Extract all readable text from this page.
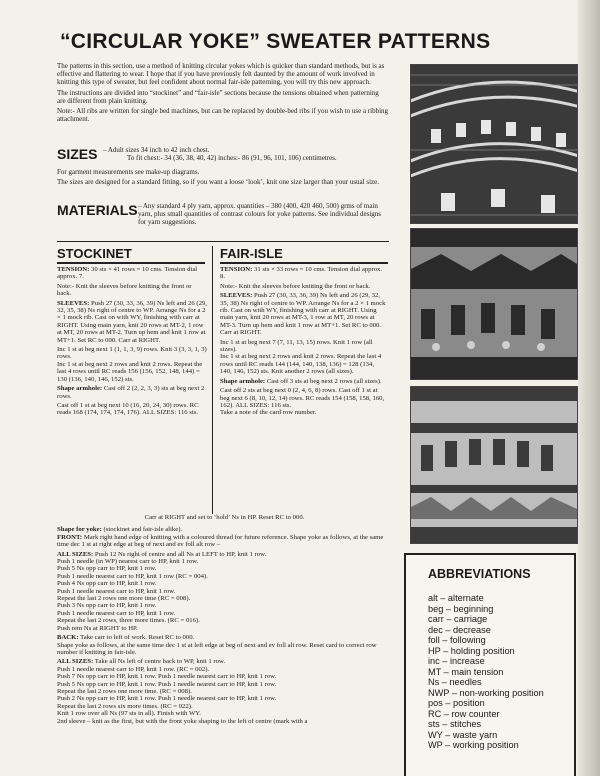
“CIRCULAR YOKE” SWEATER PATTERNS
The patterns in this section, use a method of knitting circular yokes which is quicker than standard methods, but is as effective and flattering to wear. I hope that if you have previously felt daunted by the amount of work involved in knitting this type of sweater, but feel confident about normal fair-isle patterning, you will try this new approach.
The instructions are divided into “stockinet” and “fair-isle” sections because the tensions obtained when patterning are different from plain knitting.
Note:- All ribs are written for single bed machines, but can be replaced by double-bed ribs if you wish to use a ribbing attachment.
SIZES – Adult sizes 34 inch to 42 inch chest.
To fit chest:- 34 (36, 38, 40, 42) inches:- 86 (91, 96, 101, 106) centimetres.
For garment measurements see make-up diagrams.
The sizes are designed for a standard fitting, so if you want a loose ‘look’, knit one size larger than your usual size.
MATERIALS – Any standard 4 ply yarn, approx. quantities – 380 (400, 420 460, 500) grms of main yarn, plus small quantities of contrast colours for yoke patterns. See individual designs for yarn suggestions.
STOCKINET	FAIR-ISLE

TENSION: 30 sts × 41 rows = 10 cms. Tension dial approx. 7.

Note:- Knit the sleeves before knitting the front or back.

SLEEVES: Push 27 (30, 33, 36, 39) Ns left and 26 (29, 32, 35, 38) Ns right of centre to WP. Arrange Ns for a 2 × 1 mock rib. Cast on with WY, finishing with carr at RIGHT. Using main yarn, knit 20 rows at MT-2, 1 row at MT, 20 rows at MT-2. Turn up hem and knit 1 row at MT+1. Set RC to 000. Carr at RIGHT.

Inc 1 st at beg next 1 (1, 1, 3, 9) rows. Knit 3 (3, 3, 1, 3) rows.

Inc 1 st at beg next 2 rows and knit 2 rows. Repeat the last 4 rows until RC reads 156 (156, 152, 148, 144) = 130 (136, 140, 146, 152) sts.

Shape armhole: Cast off 2 (2, 2, 3, 3) sts at beg next 2 rows.

Cast off 1 st at beg next 10 (16, 20, 24, 30) rows. RC reads 168 (174, 174, 174, 176). ALL SIZES: 116 sts.

TENSION: 31 sts × 33 rows = 10 cms. Tension dial approx. 8.

Note:- Knit the sleeves before knitting the front or back.

SLEEVES: Push 27 (30, 33, 36, 39) Ns left and 26 (29, 32, 35, 38) Ns right of centre to WP. Arrange Ns for a 2 × 1 mock rib. Cast on with WY, finishing with carr at RIGHT. Using main yarn, knit 20 rows at MT-3, 1 row at MT, 20 rows at MT-3. Turn up hem and knit 1 row at MT+1. Set RC to 000. Carr at RIGHT.

Inc 1 st at beg next 7 (7, 11, 13, 15) rows. Knit 1 row (all sizes).

Inc 1 st at beg next 2 rows and knit 2 rows. Repeat the last 4 rows until RC reads 144 (144, 140, 138, 136) = 128 (134, 140, 146, 152) sts. Knit another 2 rows (all sizes).

Shape armhole: Cast off 3 sts at beg next 2 rows (all sizes).

Cast off 2 sts at beg next 0 (2, 4, 6, 8) rows. Cast off 1 st at beg next 6 (8, 10, 12, 14) rows. RC reads 154 (158, 158, 160, 162). ALL SIZES: 116 sts.

Take a note of the card row number.

Carr at RIGHT and set to ‘hold’ Ns in HP. Reset RC to 000.

Shape for yoke: (stockinet and fair-isle alike).

FRONT: Mark right hand edge of knitting with a coloured thread for future reference. Shape yoke as follows, at the same time dec 1 st at right edge at beg of next and ev foll alt row –

ALL SIZES: Push 12 Ns right of centre and all Ns at LEFT to HP, knit 1 row.

Push 1 needle (in WP) nearest carr to HP, knit 1 row.
Push 5 Ns opp carr to HP, knit 1 row.
Push 1 needle nearest carr to HP, knit 1 row (RC = 004).
Push 4 Ns opp carr to HP, knit 1 row.
Push 1 needle nearest carr to HP, knit 1 row.
Repeat the last 2 rows one more time (RC = 008).
Push 3 Ns opp carr to HP, knit 1 row.
Push 1 needle nearest carr to HP, knit 1 row.
Repeat the last 2 rows, three more times. (RC = 016).
Push rem Ns at RIGHT to HP.

BACK: Take carr to left of work. Reset RC to 000.

Shape yoke as follows, at the same time dec 1 st at left edge at beg of next and ev foll alt row. Reset card to correct row number if knitting in fair-isle.

ALL SIZES: Take all Ns left of centre back to WP, knit 1 row.

Push 1 needle nearest carr to HP, knit 1 row. (RC = 002).
Push 7 Ns opp carr to HP, knit 1 row. Push 1 needle nearest carr to HP, knit 1 row.
Push 5 Ns opp carr to HP, knit 1 row. Push 1 needle nearest carr to HP, knit 1 row.
Repeat the last 2 rows one more time. (RC = 008).
Push 2 Ns opp carr to HP, knit 1 row. Push 1 needle nearest carr to HP, knit 1 row.
Repeat the last 2 rows six more times. (RC = 022).
Knit 1 row over all Ns (97 sts in all). Finish with WY.
2nd sleeve – knit as the first, but with the front yoke shaping to the left of centre (mark with a
ABBREVIATIONS
alt – alternate
beg – beginning
carr – carriage
dec – decrease
foll – following
HP – holding position
inc – increase
MT – main tension
Ns – needles
NWP – non-working position
pos – position
RC – row counter
sts – stitches
WY – waste yarn
WP – working position
